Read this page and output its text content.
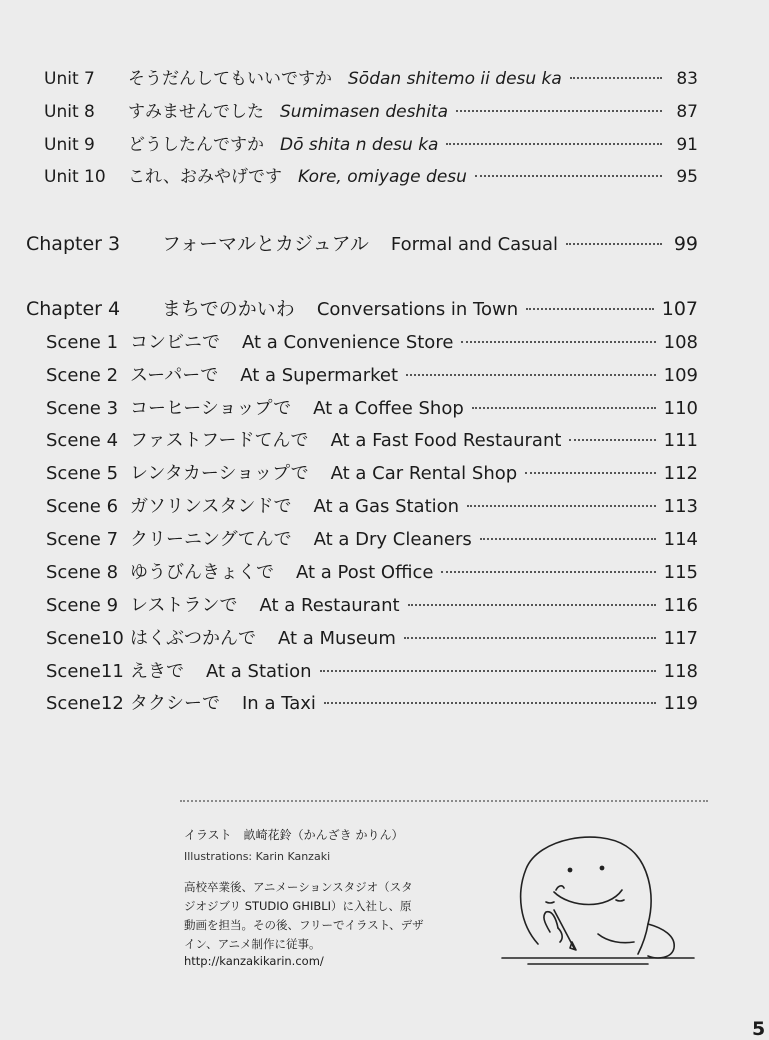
Unit 7	そうだんしてもいいですか Sōdan shitemo ii desu ka	83
Unit 8	すみませんでした Sumimasen deshita	87
Unit 9	どうしたんですか Dō shita n desu ka	91
Unit 10	これ、おみやげです Kore, omiyage desu	95
Chapter 3	フォーマルとカジュアル Formal and Casual	99
Chapter 4	まちでのかいわ Conversations in Town	107
Scene 1 コンビニで At a Convenience Store	108
Scene 2 スーパーで At a Supermarket	109
Scene 3 コーヒーショップで At a Coffee Shop	110
Scene 4 ファストフードてんで At a Fast Food Restaurant	111
Scene 5 レンタカーショップで At a Car Rental Shop	112
Scene 6 ガソリンスタンドで At a Gas Station	113
Scene 7 クリーニングてんで At a Dry Cleaners	114
Scene 8 ゆうびんきょくで At a Post Office	115
Scene 9 レストランで At a Restaurant	116
Scene10 はくぶつかんで At a Museum	117
Scene11 えきで At a Station	118
Scene12 タクシーで In a Taxi	119
イラスト 畝崎花鈴（かんざき かりん）
Illustrations: Karin Kanzaki
高校卒業後、アニメーションスタジオ（スタ
ジオジブリ STUDIO GHIBLI）に入社し、原
動画を担当。その後、フリーでイラスト、デザ
イン、アニメ制作に従事。
http://kanzakikarin.com/
5
